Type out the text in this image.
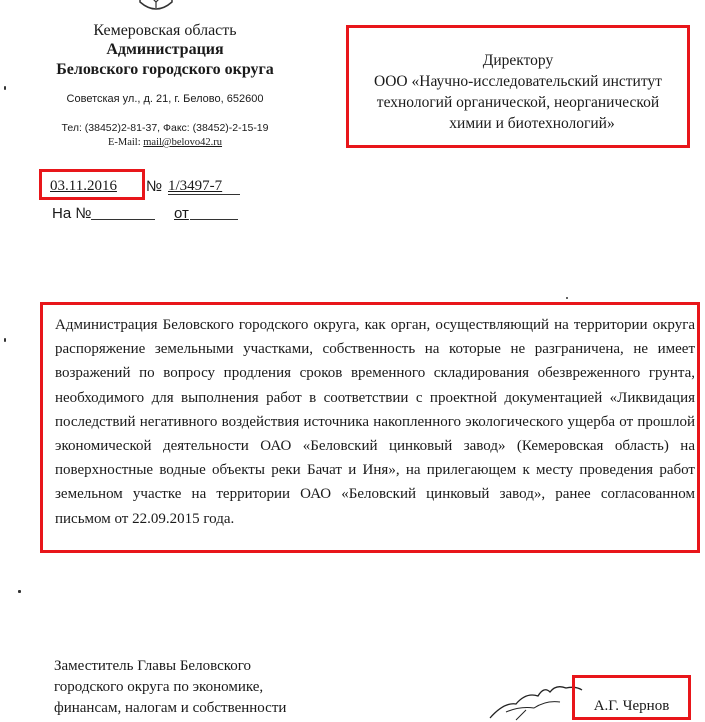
Кемеровская область
Администрация
Беловского городского округа
Советская ул., д. 21, г. Белово, 652600
Тел: (38452)2-81-37, Факс: (38452)-2-15-19
E-Mail: mail@belovo42.ru
Директору
ООО «Научно-исследовательский институт
технологий органической, неорганической
химии и биотехнологий»
03.11.2016 № 1/3497-7
На №	от
Администрация Беловского городского округа, как орган, осуществляющий на территории округа распоряжение земельными участками, собственность на которые не разграничена, не имеет возражений по вопросу продления сроков временного складирования обезвреженного грунта, необходимого для выполнения работ в соответствии с проектной документацией «Ликвидация последствий негативного воздействия источника накопленного экологического ущерба от прошлой экономической деятельности ОАО «Беловский цинковый завод» (Кемеровская область) на поверхностные водные объекты реки Бачат и Иня», на прилегающем к месту проведения работ земельном участке на территории ОАО «Беловский цинковый завод», ранее согласованном письмом от 22.09.2015 года.
Заместитель Главы Беловского
городского округа по экономике,
финансам, налогам и собственности	А.Г. Чернов
